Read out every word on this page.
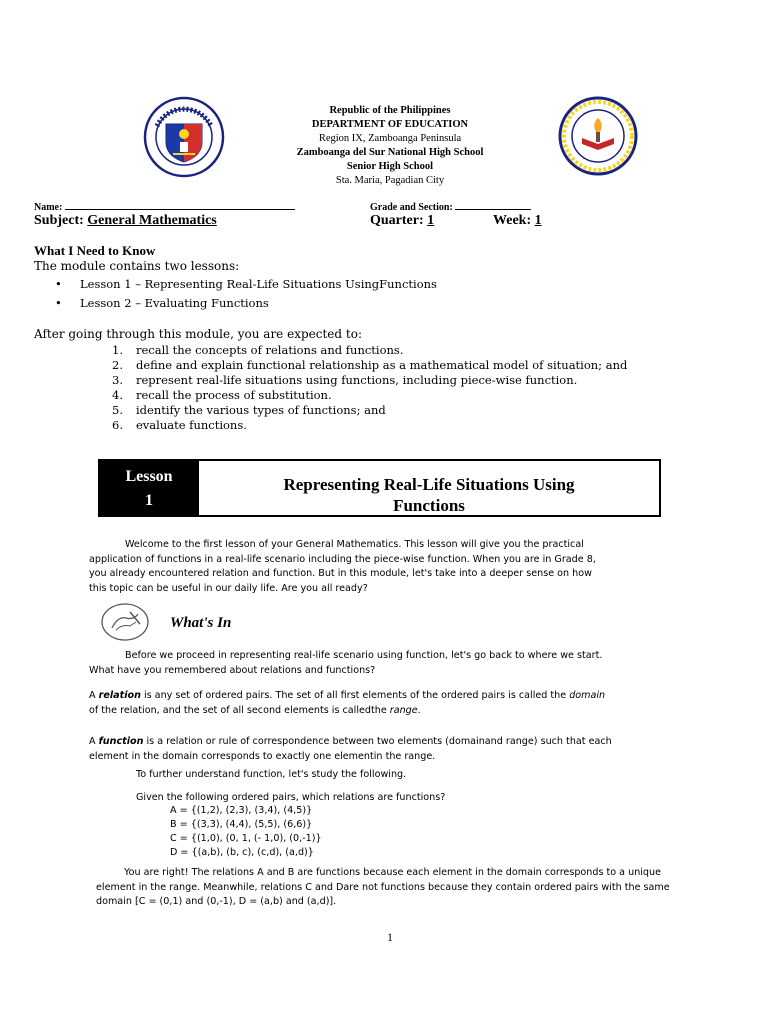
Republic of the Philippines
DEPARTMENT OF EDUCATION
Region IX, Zamboanga Peninsula
Zamboanga del Sur National High School
Senior High School
Sta. Maria, Pagadian City
Name:	Grade and Section:
Subject: General Mathematics	Quarter: 1	Week: 1
What I Need to Know
The module contains two lessons:
• Lesson 1 – Representing Real-Life Situations UsingFunctions
• Lesson 2 – Evaluating Functions
After going through this module, you are expected to:
1. recall the concepts of relations and functions.
2. define and explain functional relationship as a mathematical model of situation; and
3. represent real-life situations using functions, including piece-wise function.
4. recall the process of substitution.
5. identify the various types of functions; and
6. evaluate functions.
Lesson
1
Representing Real-Life Situations Using
Functions
Welcome to the first lesson of your General Mathematics. This lesson will give you the practical
application of functions in a real-life scenario including the piece-wise function. When you are in Grade 8,
you already encountered relation and function. But in this module, let's take into a deeper sense on how
this topic can be useful in our daily life. Are you all ready?
What's In
Before we proceed in representing real-life scenario using function, let's go back to where we start.
What have you remembered about relations and functions?
A relation is any set of ordered pairs. The set of all first elements of the ordered pairs is called the domain
of the relation, and the set of all second elements is calledthe range.
A function is a relation or rule of correspondence between two elements (domainand range) such that each
element in the domain corresponds to exactly one elementin the range.
To further understand function, let's study the following.
Given the following ordered pairs, which relations are functions?
A = {(1,2), (2,3), (3,4), (4,5)}
B = {(3,3), (4,4), (5,5), (6,6)}
C = {(1,0), (0, 1, (- 1,0), (0,-1)}
D = {(a,b), (b, c), (c,d), (a,d)}
You are right! The relations A and B are functions because each element in the domain corresponds to a unique
element in the range. Meanwhile, relations C and Dare not functions because they contain ordered pairs with the same
domain [C = (0,1) and (0,-1), D = (a,b) and (a,d)].
1
